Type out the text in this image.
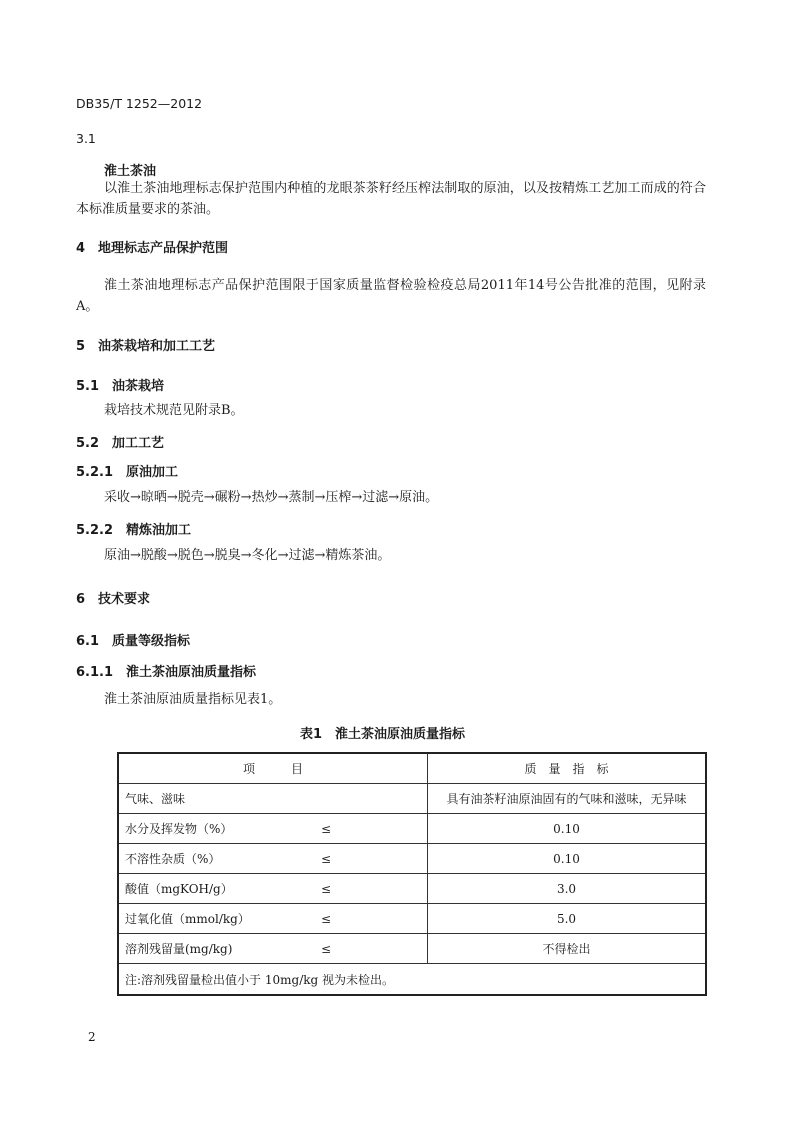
DB35/T 1252—2012
3.1
淮土茶油
以淮土茶油地理标志保护范围内种植的龙眼茶茶籽经压榨法制取的原油，以及按精炼工艺加工而成的符合本标准质量要求的茶油。
4　地理标志产品保护范围
淮土茶油地理标志产品保护范围限于国家质量监督检验检疫总局2011年14号公告批准的范围，见附录A。
5　油茶栽培和加工工艺
5.1　油茶栽培
栽培技术规范见附录B。
5.2　加工工艺
5.2.1　原油加工
采收→晾晒→脱壳→碾粉→热炒→蒸制→压榨→过滤→原油。
5.2.2　精炼油加工
原油→脱酸→脱色→脱臭→冬化→过滤→精炼茶油。
6　技术要求
6.1　质量等级指标
6.1.1　淮土茶油原油质量指标
淮土茶油原油质量指标见表1。
表1　淮土茶油原油质量指标
项　　　目	质　量　指　标
气味、滋味	具有油茶籽油原油固有的气味和滋味，无异味
水分及挥发物（%） ≤	0.10
不溶性杂质（%） ≤	0.10
酸值（mgKOH/g） ≤	3.0
过氧化值（mmol/kg） ≤	5.0
溶剂残留量(mg/kg) ≤	不得检出
注:溶剂残留量检出值小于 10mg/kg 视为未检出。	
2
